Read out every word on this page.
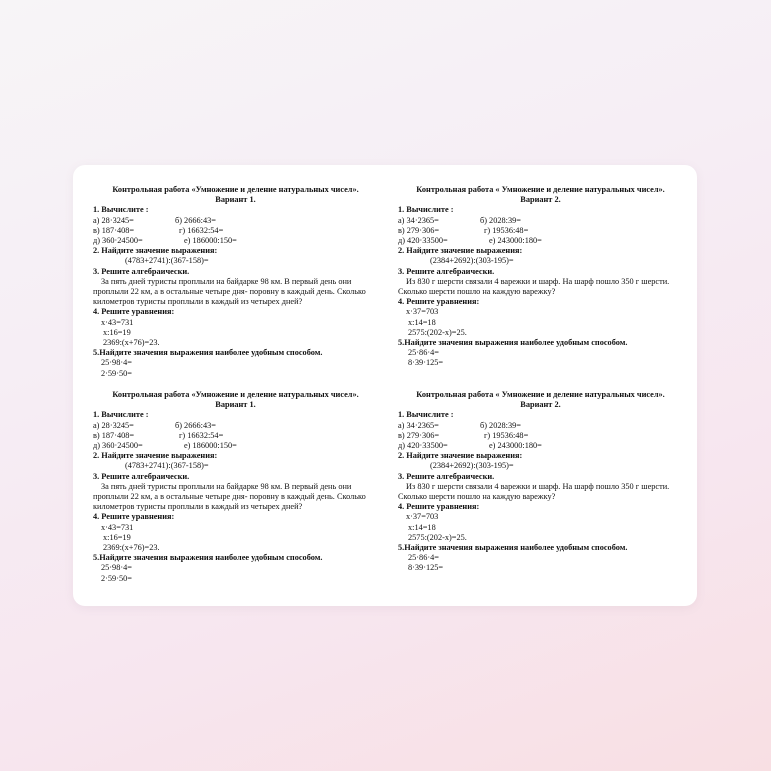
Контрольная работа «Умножение и деление натуральных чисел».
Вариант 1.
1. Вычислите :
а) 28·3245=	б) 2666:43=
в) 187·408=	г) 16632:54=
д) 360·24500=	е) 186000:150=
2. Найдите значение выражения:
(4783+2741):(367-158)=
3. Решите алгебраически.
За пять дней туристы проплыли на байдарке 98 км. В первый день они проплыли 22 км, а в остальные четыре дня- поровну в каждый день. Сколько километров туристы проплыли в каждый из четырех дней?
4. Решите уравнения:
х·43=731
х:16=19
2369:(х+76)=23.
5.Найдите значения выражения наиболее удобным способом.
25·98·4=
2·59·50=
Контрольная работа « Умножение и деление натуральных чисел».
Вариант 2.
1. Вычислите :
а) 34·2365=	б) 2028:39=
в) 279·306=	г) 19536:48=
д) 420·33500=	е) 243000:180=
2. Найдите значение выражения:
(2384+2692):(303-195)=
3. Решите алгебраически.
Из 830 г шерсти связали 4 варежки и шарф. На шарф пошло 350 г шерсти. Сколько шерсти пошло на каждую варежку?
4. Решите уравнения:
х·37=703
х:14=18
2575:(202-х)=25.
5.Найдите значения выражения наиболее удобным способом.
25·86·4=
8·39·125=
Контрольная работа «Умножение и деление натуральных чисел».
Вариант 1.
1. Вычислите :
а) 28·3245=	б) 2666:43=
в) 187·408=	г) 16632:54=
д) 360·24500=	е) 186000:150=
2. Найдите значение выражения:
(4783+2741):(367-158)=
3. Решите алгебраически.
За пять дней туристы проплыли на байдарке 98 км. В первый день они проплыли 22 км, а в остальные четыре дня- поровну в каждый день. Сколько километров туристы проплыли в каждый из четырех дней?
4. Решите уравнения:
х·43=731
х:16=19
2369:(х+76)=23.
5.Найдите значения выражения наиболее удобным способом.
25·98·4=
2·59·50=
Контрольная работа « Умножение и деление натуральных чисел».
Вариант 2.
1. Вычислите :
а) 34·2365=	б) 2028:39=
в) 279·306=	г) 19536:48=
д) 420·33500=	е) 243000:180=
2. Найдите значение выражения:
(2384+2692):(303-195)=
3. Решите алгебраически.
Из 830 г шерсти связали 4 варежки и шарф. На шарф пошло 350 г шерсти. Сколько шерсти пошло на каждую варежку?
4. Решите уравнения:
х·37=703
х:14=18
2575:(202-х)=25.
5.Найдите значения выражения наиболее удобным способом.
25·86·4=
8·39·125=
